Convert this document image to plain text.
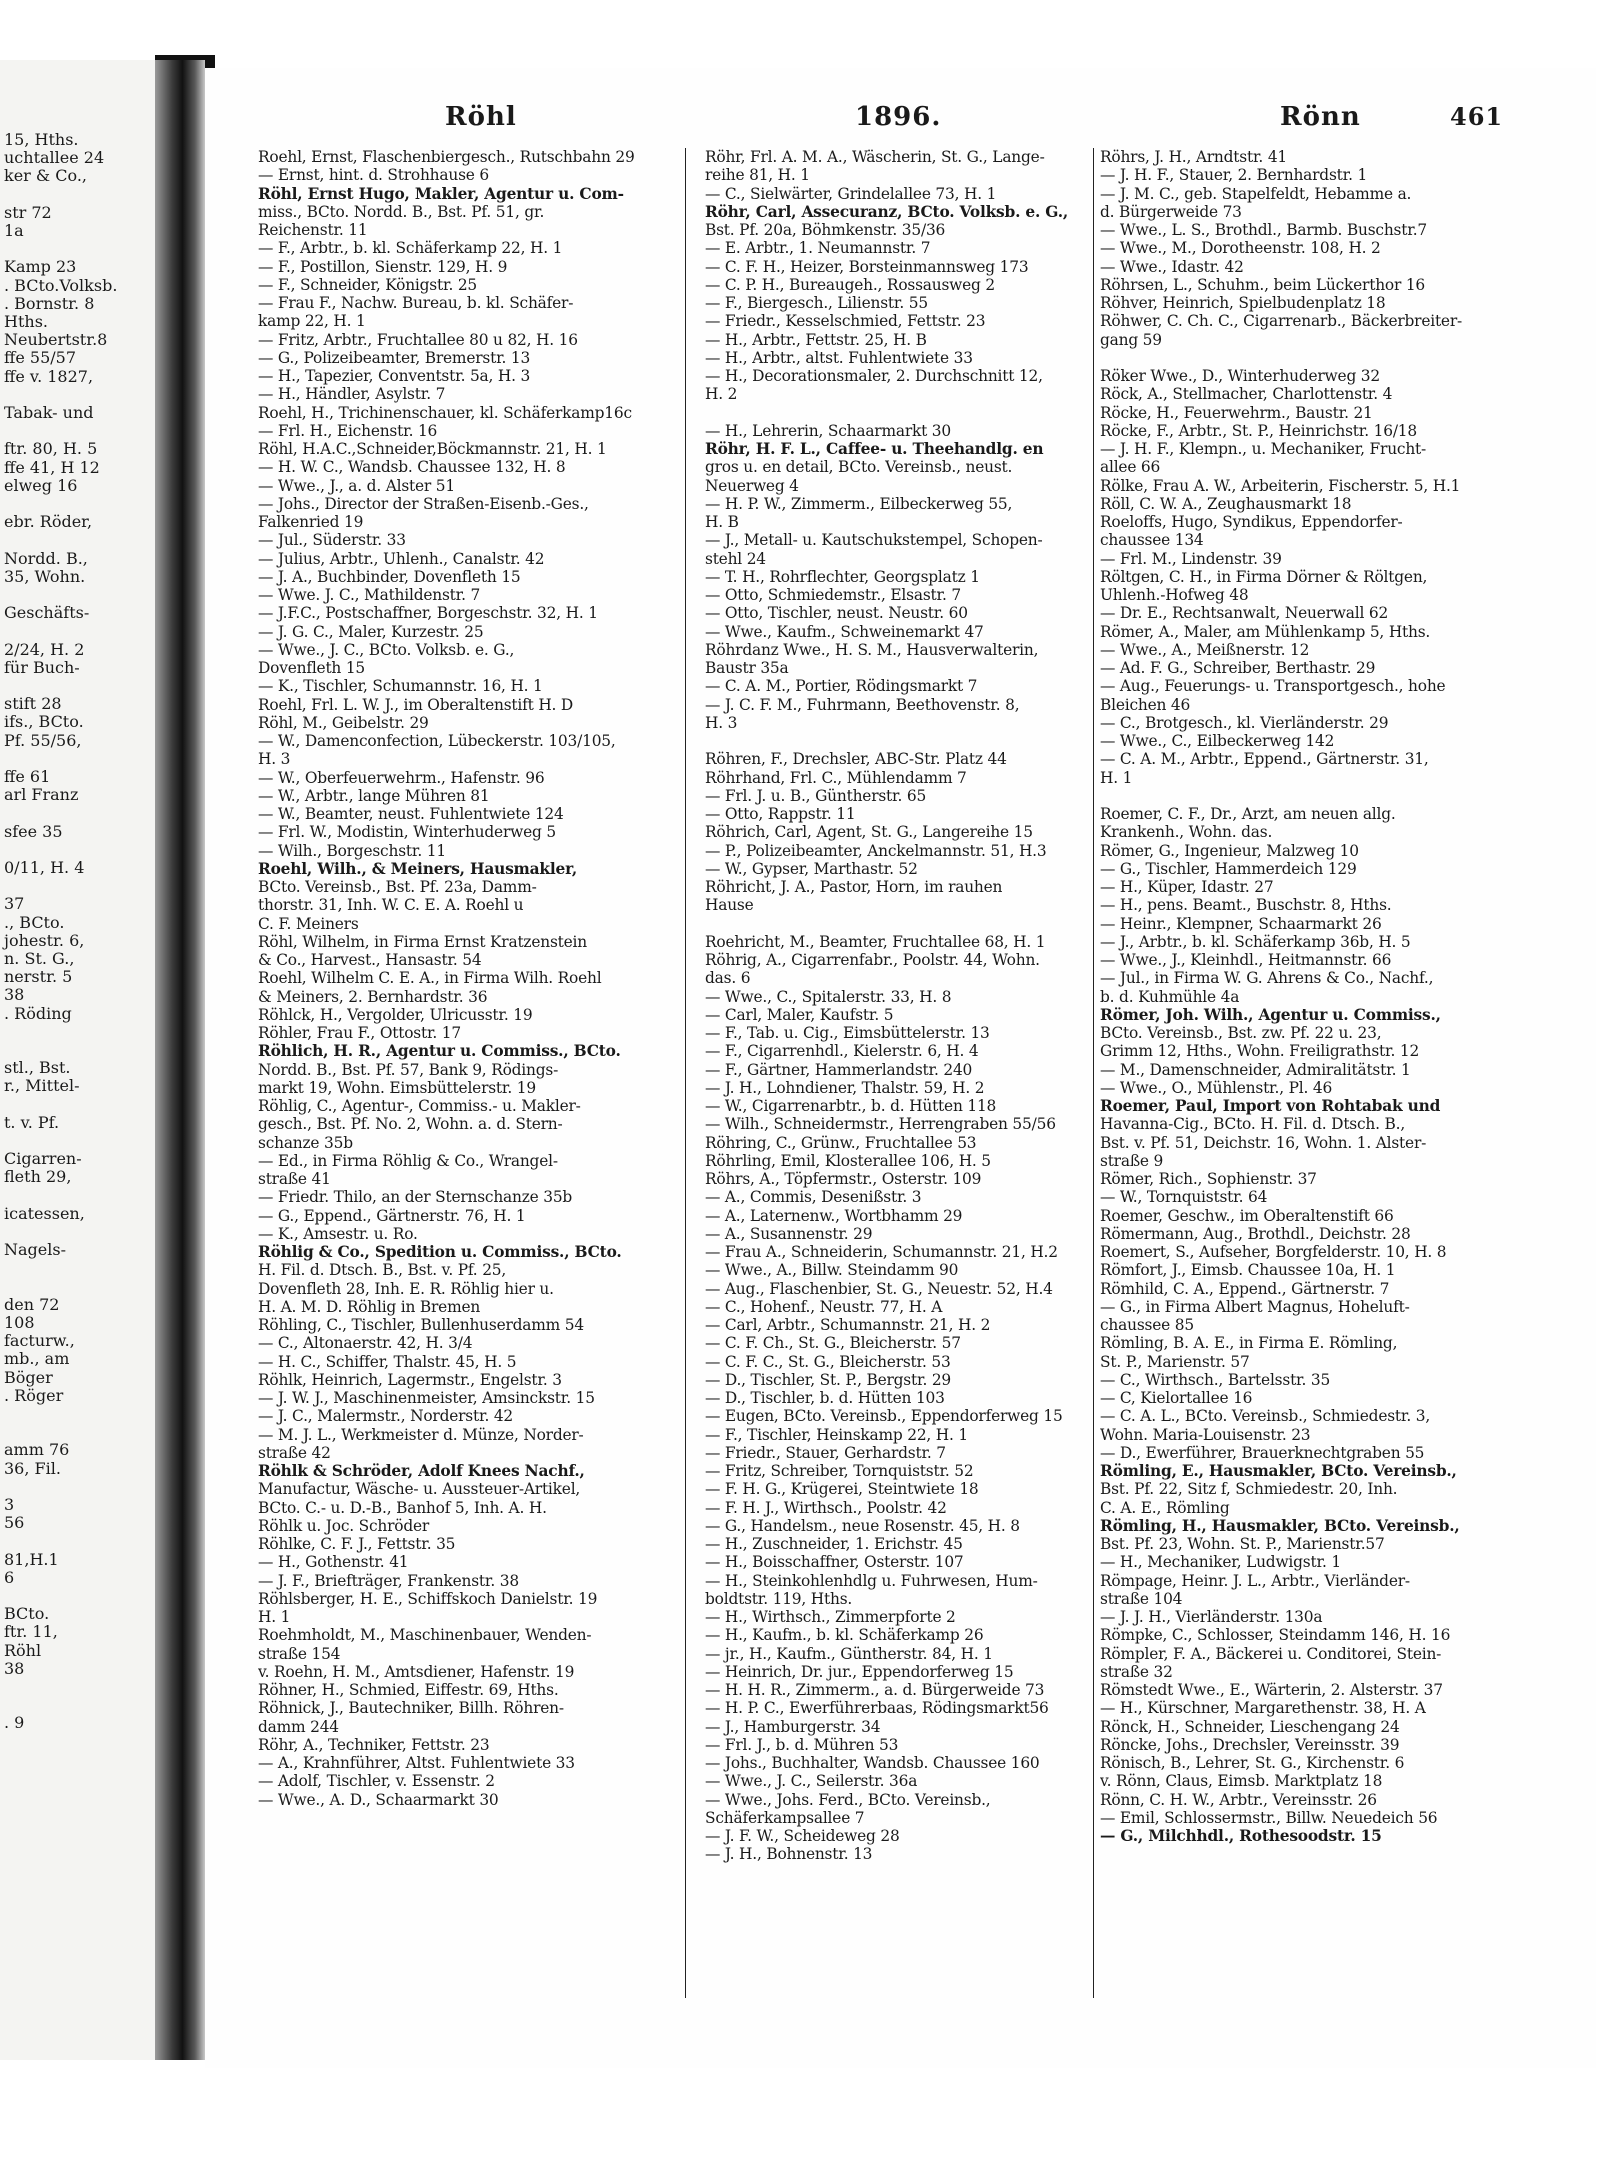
15, Hths.
uchtallee 24
ker & Co.,
str 72
1a
Kamp 23
. BCto.Volksb.
. Bornstr. 8
Hths.
Neubertstr.8
ffe 55/57
ffe v. 1827,
Tabak- und
ftr. 80, H. 5
ffe 41, H 12
elweg 16
ebr. Röder,
Nordd. B.,
35, Wohn.
Geschäfts-
2/24, H. 2
für Buch-
stift 28
ifs., BCto.
Pf. 55/56,
ffe 61
arl Franz
sfee 35
0/11, H. 4
37
., BCto.
johestr. 6,
n. St. G.,
nerstr. 5
38
. Röding
stl., Bst.
r., Mittel-
t. v. Pf.
Cigarren-
fleth 29,
icatessen,
Nagels-
den 72
108
facturw.,
mb., am
Böger
. Röger
amm 76
36, Fil.
3
56
81,H.1
6
BCto.
ftr. 11,
Röhl
38
. 9
Röhl	1896.	Rönn	461
Roehl, Ernst, Flaschenbiergesch., Rutschbahn 29
— Ernst, hint. d. Strohhause 6
Röhl, Ernst Hugo, Makler, Agentur u. Com-
miss., BCto. Nordd. B., Bst. Pf. 51, gr.
Reichenstr. 11
— F., Arbtr., b. kl. Schäferkamp 22, H. 1
— F., Postillon, Sienstr. 129, H. 9
— F., Schneider, Königstr. 25
— Frau F., Nachw. Bureau, b. kl. Schäfer-
kamp 22, H. 1
— Fritz, Arbtr., Fruchtallee 80 u 82, H. 16
— G., Polizeibeamter, Bremerstr. 13
— H., Tapezier, Conventstr. 5a, H. 3
— H., Händler, Asylstr. 7
Roehl, H., Trichinenschauer, kl. Schäferkamp16c
— Frl. H., Eichenstr. 16
Röhl, H.A.C.,Schneider,Böckmannstr. 21, H. 1
— H. W. C., Wandsb. Chaussee 132, H. 8
— Wwe., J., a. d. Alster 51
— Johs., Director der Straßen-Eisenb.-Ges.,
Falkenried 19
— Jul., Süderstr. 33
— Julius, Arbtr., Uhlenh., Canalstr. 42
— J. A., Buchbinder, Dovenfleth 15
— Wwe. J. C., Mathildenstr. 7
— J.F.C., Postschaffner, Borgeschstr. 32, H. 1
— J. G. C., Maler, Kurzestr. 25
— Wwe., J. C., BCto. Volksb. e. G.,
Dovenfleth 15
— K., Tischler, Schumannstr. 16, H. 1
Roehl, Frl. L. W. J., im Oberaltenstift H. D
Röhl, M., Geibelstr. 29
— W., Damenconfection, Lübeckerstr. 103/105,
H. 3
— W., Oberfeuerwehrm., Hafenstr. 96
— W., Arbtr., lange Mühren 81
— W., Beamter, neust. Fuhlentwiete 124
— Frl. W., Modistin, Winterhuderweg 5
— Wilh., Borgeschstr. 11
Roehl, Wilh., & Meiners, Hausmakler,
BCto. Vereinsb., Bst. Pf. 23a, Damm-
thorstr. 31, Inh. W. C. E. A. Roehl u
C. F. Meiners
Röhl, Wilhelm, in Firma Ernst Kratzenstein
& Co., Harvest., Hansastr. 54
Roehl, Wilhelm C. E. A., in Firma Wilh. Roehl
& Meiners, 2. Bernhardstr. 36
Röhlck, H., Vergolder, Ulricusstr. 19
Röhler, Frau F., Ottostr. 17
Röhlich, H. R., Agentur u. Commiss., BCto.
Nordd. B., Bst. Pf. 57, Bank 9, Rödings-
markt 19, Wohn. Eimsbüttelerstr. 19
Röhlig, C., Agentur-, Commiss.- u. Makler-
gesch., Bst. Pf. No. 2, Wohn. a. d. Stern-
schanze 35b
— Ed., in Firma Röhlig & Co., Wrangel-
straße 41
— Friedr. Thilo, an der Sternschanze 35b
— G., Eppend., Gärtnerstr. 76, H. 1
— K., Amsestr. u. Ro.
Röhlig & Co., Spedition u. Commiss., BCto.
H. Fil. d. Dtsch. B., Bst. v. Pf. 25,
Dovenfleth 28, Inh. E. R. Röhlig hier u.
H. A. M. D. Röhlig in Bremen
Röhling, C., Tischler, Bullenhuserdamm 54
— C., Altonaerstr. 42, H. 3/4
— H. C., Schiffer, Thalstr. 45, H. 5
Röhlk, Heinrich, Lagermstr., Engelstr. 3
— J. W. J., Maschinenmeister, Amsinckstr. 15
— J. C., Malermstr., Norderstr. 42
— M. J. L., Werkmeister d. Münze, Norder-
straße 42
Röhlk & Schröder, Adolf Knees Nachf.,
Manufactur, Wäsche- u. Aussteuer-Artikel,
BCto. C.- u. D.-B., Banhof 5, Inh. A. H.
Röhlk u. Joc. Schröder
Röhlke, C. F. J., Fettstr. 35
— H., Gothenstr. 41
— J. F., Briefträger, Frankenstr. 38
Röhlsberger, H. E., Schiffskoch Danielstr. 19
H. 1
Roehmholdt, M., Maschinenbauer, Wenden-
straße 154
v. Roehn, H. M., Amtsdiener, Hafenstr. 19
Röhner, H., Schmied, Eiffestr. 69, Hths.
Röhnick, J., Bautechniker, Billh. Röhren-
damm 244
Röhr, A., Techniker, Fettstr. 23
— A., Krahnführer, Altst. Fuhlentwiete 33
— Adolf, Tischler, v. Essenstr. 2
— Wwe., A. D., Schaarmarkt 30
Röhr, Frl. A. M. A., Wäscherin, St. G., Lange-
reihe 81, H. 1
— C., Sielwärter, Grindelallee 73, H. 1
Röhr, Carl, Assecuranz, BCto. Volksb. e. G.,
Bst. Pf. 20a, Böhmkenstr. 35/36
— E. Arbtr., 1. Neumannstr. 7
— C. F. H., Heizer, Borsteinmannsweg 173
— C. P. H., Bureaugeh., Rossausweg 2
— F., Biergesch., Lilienstr. 55
— Friedr., Kesselschmied, Fettstr. 23
— H., Arbtr., Fettstr. 25, H. B
— H., Arbtr., altst. Fuhlentwiete 33
— H., Decorationsmaler, 2. Durchschnitt 12,
H. 2
— H., Lehrerin, Schaarmarkt 30
Röhr, H. F. L., Caffee- u. Theehandlg. en
gros u. en detail, BCto. Vereinsb., neust.
Neuerweg 4
— H. P. W., Zimmerm., Eilbeckerweg 55,
H. B
— J., Metall- u. Kautschukstempel, Schopen-
stehl 24
— T. H., Rohrflechter, Georgsplatz 1
— Otto, Schmiedemstr., Elsastr. 7
— Otto, Tischler, neust. Neustr. 60
— Wwe., Kaufm., Schweinemarkt 47
Röhrdanz Wwe., H. S. M., Hausverwalterin,
Baustr 35a
— C. A. M., Portier, Rödingsmarkt 7
— J. C. F. M., Fuhrmann, Beethovenstr. 8,
H. 3
Röhren, F., Drechsler, ABC-Str. Platz 44
Röhrhand, Frl. C., Mühlendamm 7
— Frl. J. u. B., Güntherstr. 65
— Otto, Rappstr. 11
Röhrich, Carl, Agent, St. G., Langereihe 15
— P., Polizeibeamter, Anckelmannstr. 51, H.3
— W., Gypser, Marthastr. 52
Röhricht, J. A., Pastor, Horn, im rauhen
Hause
Roehricht, M., Beamter, Fruchtallee 68, H. 1
Röhrig, A., Cigarrenfabr., Poolstr. 44, Wohn.
das. 6
— Wwe., C., Spitalerstr. 33, H. 8
— Carl, Maler, Kaufstr. 5
— F., Tab. u. Cig., Eimsbüttelerstr. 13
— F., Cigarrenhdl., Kielerstr. 6, H. 4
— F., Gärtner, Hammerlandstr. 240
— J. H., Lohndiener, Thalstr. 59, H. 2
— W., Cigarrenarbtr., b. d. Hütten 118
— Wilh., Schneidermstr., Herrengraben 55/56
Röhring, C., Grünw., Fruchtallee 53
Röhrling, Emil, Klosterallee 106, H. 5
Röhrs, A., Töpfermstr., Osterstr. 109
— A., Commis, Desenißstr. 3
— A., Laternenw., Wortbhamm 29
— A., Susannenstr. 29
— Frau A., Schneiderin, Schumannstr. 21, H.2
— Wwe., A., Billw. Steindamm 90
— Aug., Flaschenbier, St. G., Neuestr. 52, H.4
— C., Hohenf., Neustr. 77, H. A
— Carl, Arbtr., Schumannstr. 21, H. 2
— C. F. Ch., St. G., Bleicherstr. 57
— C. F. C., St. G., Bleicherstr. 53
— D., Tischler, St. P., Bergstr. 29
— D., Tischler, b. d. Hütten 103
— Eugen, BCto. Vereinsb., Eppendorferweg 15
— F., Tischler, Heinskamp 22, H. 1
— Friedr., Stauer, Gerhardstr. 7
— Fritz, Schreiber, Tornquiststr. 52
— F. H. G., Krügerei, Steintwiete 18
— F. H. J., Wirthsch., Poolstr. 42
— G., Handelsm., neue Rosenstr. 45, H. 8
— H., Zuschneider, 1. Erichstr. 45
— H., Boisschaffner, Osterstr. 107
— H., Steinkohlenhdlg u. Fuhrwesen, Hum-
boldtstr. 119, Hths.
— H., Wirthsch., Zimmerpforte 2
— H., Kaufm., b. kl. Schäferkamp 26
— jr., H., Kaufm., Güntherstr. 84, H. 1
— Heinrich, Dr. jur., Eppendorferweg 15
— H. H. R., Zimmerm., a. d. Bürgerweide 73
— H. P. C., Ewerführerbaas, Rödingsmarkt56
— J., Hamburgerstr. 34
— Frl. J., b. d. Mühren 53
— Johs., Buchhalter, Wandsb. Chaussee 160
— Wwe., J. C., Seilerstr. 36a
— Wwe., Johs. Ferd., BCto. Vereinsb.,
Schäferkampsallee 7
— J. F. W., Scheideweg 28
— J. H., Bohnenstr. 13
Röhrs, J. H., Arndtstr. 41
— J. H. F., Stauer, 2. Bernhardstr. 1
— J. M. C., geb. Stapelfeldt, Hebamme a.
d. Bürgerweide 73
— Wwe., L. S., Brothdl., Barmb. Buschstr.7
— Wwe., M., Dorotheenstr. 108, H. 2
— Wwe., Idastr. 42
Röhrsen, L., Schuhm., beim Lückerthor 16
Röhver, Heinrich, Spielbudenplatz 18
Röhwer, C. Ch. C., Cigarrenarb., Bäckerbreiter-
gang 59
Röker Wwe., D., Winterhuderweg 32
Röck, A., Stellmacher, Charlottenstr. 4
Röcke, H., Feuerwehrm., Baustr. 21
Röcke, F., Arbtr., St. P., Heinrichstr. 16/18
— J. H. F., Klempn., u. Mechaniker, Frucht-
allee 66
Rölke, Frau A. W., Arbeiterin, Fischerstr. 5, H.1
Röll, C. W. A., Zeughausmarkt 18
Roeloffs, Hugo, Syndikus, Eppendorfer-
chaussee 134
— Frl. M., Lindenstr. 39
Röltgen, C. H., in Firma Dörner & Röltgen,
Uhlenh.-Hofweg 48
— Dr. E., Rechtsanwalt, Neuerwall 62
Römer, A., Maler, am Mühlenkamp 5, Hths.
— Wwe., A., Meißnerstr. 12
— Ad. F. G., Schreiber, Berthastr. 29
— Aug., Feuerungs- u. Transportgesch., hohe
Bleichen 46
— C., Brotgesch., kl. Vierländerstr. 29
— Wwe., C., Eilbeckerweg 142
— C. A. M., Arbtr., Eppend., Gärtnerstr. 31,
H. 1
Roemer, C. F., Dr., Arzt, am neuen allg.
Krankenh., Wohn. das.
Römer, G., Ingenieur, Malzweg 10
— G., Tischler, Hammerdeich 129
— H., Küper, Idastr. 27
— H., pens. Beamt., Buschstr. 8, Hths.
— Heinr., Klempner, Schaarmarkt 26
— J., Arbtr., b. kl. Schäferkamp 36b, H. 5
— Wwe., J., Kleinhdl., Heitmannstr. 66
— Jul., in Firma W. G. Ahrens & Co., Nachf.,
b. d. Kuhmühle 4a
Römer, Joh. Wilh., Agentur u. Commiss.,
BCto. Vereinsb., Bst. zw. Pf. 22 u. 23,
Grimm 12, Hths., Wohn. Freiligrathstr. 12
— M., Damenschneider, Admiralitätstr. 1
— Wwe., O., Mühlenstr., Pl. 46
Roemer, Paul, Import von Rohtabak und
Havanna-Cig., BCto. H. Fil. d. Dtsch. B.,
Bst. v. Pf. 51, Deichstr. 16, Wohn. 1. Alster-
straße 9
Römer, Rich., Sophienstr. 37
— W., Tornquiststr. 64
Roemer, Geschw., im Oberaltenstift 66
Römermann, Aug., Brothdl., Deichstr. 28
Roemert, S., Aufseher, Borgfelderstr. 10, H. 8
Römfort, J., Eimsb. Chaussee 10a, H. 1
Römhild, C. A., Eppend., Gärtnerstr. 7
— G., in Firma Albert Magnus, Hoheluft-
chaussee 85
Römling, B. A. E., in Firma E. Römling,
St. P., Marienstr. 57
— C., Wirthsch., Bartelsstr. 35
— C, Kielortallee 16
— C. A. L., BCto. Vereinsb., Schmiedestr. 3,
Wohn. Maria-Louisenstr. 23
— D., Ewerführer, Brauerknechtgraben 55
Römling, E., Hausmakler, BCto. Vereinsb.,
Bst. Pf. 22, Sitz f, Schmiedestr. 20, Inh.
C. A. E., Römling
Römling, H., Hausmakler, BCto. Vereinsb.,
Bst. Pf. 23, Wohn. St. P., Marienstr.57
— H., Mechaniker, Ludwigstr. 1
Römpage, Heinr. J. L., Arbtr., Vierländer-
straße 104
— J. J. H., Vierländerstr. 130a
Römpke, C., Schlosser, Steindamm 146, H. 16
Römpler, F. A., Bäckerei u. Conditorei, Stein-
straße 32
Römstedt Wwe., E., Wärterin, 2. Alsterstr. 37
— H., Kürschner, Margarethenstr. 38, H. A
Rönck, H., Schneider, Lieschengang 24
Röncke, Johs., Drechsler, Vereinsstr. 39
Rönisch, B., Lehrer, St. G., Kirchenstr. 6
v. Rönn, Claus, Eimsb. Marktplatz 18
Rönn, C. H. W., Arbtr., Vereinsstr. 26
— Emil, Schlossermstr., Billw. Neuedeich 56
— G., Milchhdl., Rothesoodstr. 15
